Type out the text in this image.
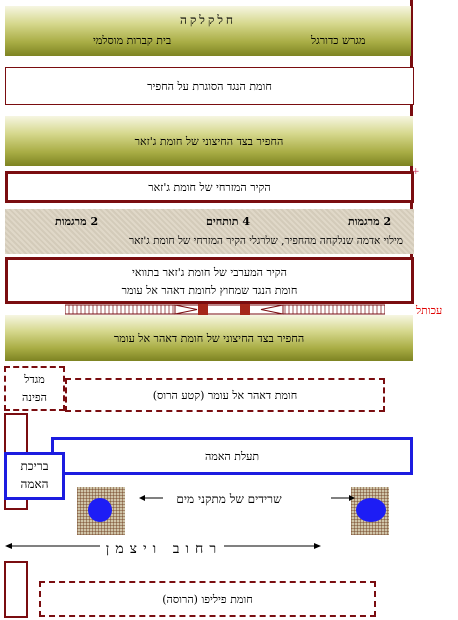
חלקלקה
בית קברות מוסלמי	מגרש כדורגל
חומת הנגד הסוגרת על החפיר
החפיר בצד החיצוני של חומת ג'זאר
הקיר המזרחי של חומת ג'זאר
+
2 מרגמות
4 תותחים
2 מרגמות
מילוי אדמה שנלקחה מהחפיר, שלרגלי הקיר המזרחי של חומת ג'זאר
הקיר המערבי של חומת ג'זאר בתוואי
חומת הנגד שמחוץ לחומת דאהר אל עומר
עכותל
החפיר בצד החיצוני של חומת דאהר אל עומר
מגדל
הפינה	חומת דאהר אל עומר (קטע הרוס)
תעלת האמה
בריכת
האמה
שרידים של מתקני מים
רחוב ויצמן
חומת פיליפו (הרוסה)
